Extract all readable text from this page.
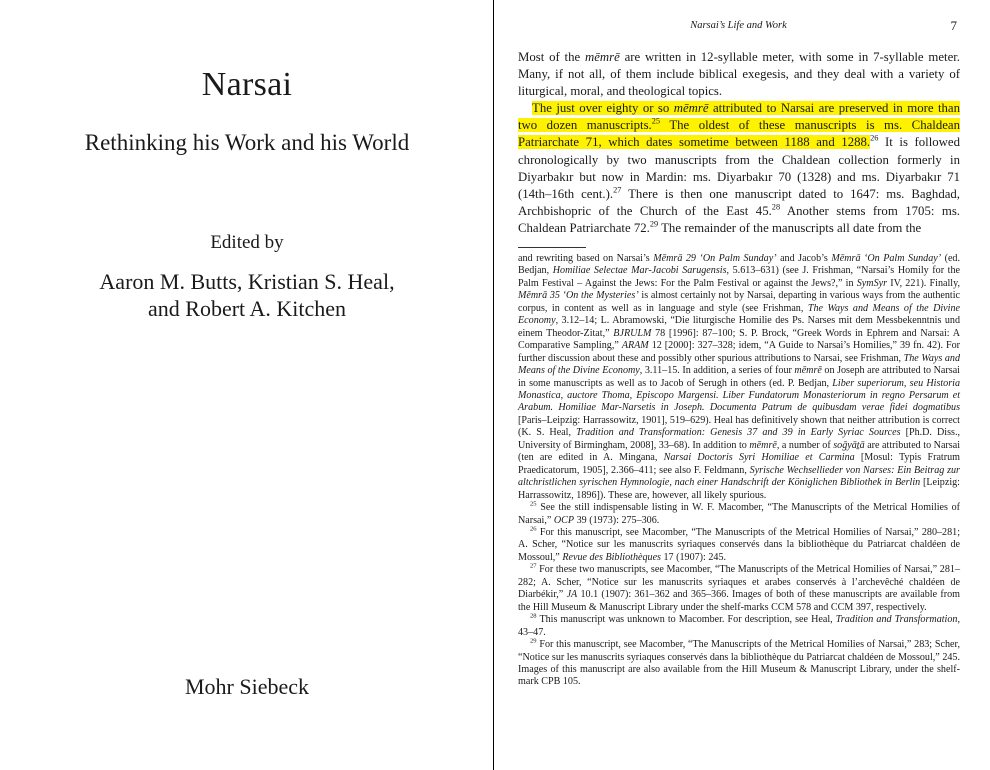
Narsai
Rethinking his Work and his World
Edited by
Aaron M. Butts, Kristian S. Heal,
and Robert A. Kitchen
Mohr Siebeck
Narsai’s Life and Work	7

Most of the mēmrē are written in 12-syllable meter, with some in 7-syllable meter. Many, if not all, of them include biblical exegesis, and they deal with a variety of liturgical, moral, and theological topics.

The just over eighty or so mēmrē attributed to Narsai are preserved in more than two dozen manuscripts.$^{25}$ The oldest of these manuscripts is ms. Chaldean Patriarchate 71, which dates sometime between 1188 and 1288.26 It is followed chronologically by two manuscripts from the Chaldean collection formerly in Diyarbakır but now in Mardin: ms. Diyarbakır 70 (1328) and ms. Diyarbakır 71 (14th–16th cent.).$^{27}$ There is then one manuscript dated to 1647: ms. Baghdad, Archbishopric of the Church of the East 45.28 Another stems from 1705: ms. Chaldean Patriarchate 72.29 The remainder of the manuscripts all date from the

and rewriting based on Narsai’s Mēmrā 29 ‘On Palm Sunday’ and Jacob’s Mēmrā ‘On Palm Sunday’ (ed. Bedjan, Homiliae Selectae Mar-Jacobi Sarugensis, 5.613–631) (see J. Frishman, “Narsai’s Homily for the Palm Festival – Against the Jews: For the Palm Festival or against the Jews?,” in SymSyr IV, 221). Finally, Mēmrā 35 ‘On the Mysteries’ is almost certainly not by Narsai, departing in various ways from the authentic corpus, in content as well as in language and style (see Frishman, The Ways and Means of the Divine Economy, 3.12–14; L. Abramowski, “Die liturgische Homilie des Ps. Narses mit dem Messbekenntnis und einem Theodor-Zitat,” BJRULM 78 [1996]: 87–100; S. P. Brock, “Greek Words in Ephrem and Narsai: A Comparative Sampling,” ARAM 12 [2000]: 327–328; idem, “A Guide to Narsai’s Homilies,” 39 fn. 42). For further discussion about these and possibly other spurious attributions to Narsai, see Frishman, The Ways and Means of the Divine Economy, 3.11–15. In addition, a series of four mēmrē on Joseph are attributed to Narsai in some manuscripts as well as to Jacob of Serugh in others (ed. P. Bedjan, Liber superiorum, seu Historia Monastica, auctore Thoma, Episcopo Margensi. Liber Fundatorum Monasteriorum in regno Persarum et Arabum. Homiliae Mar-Narsetis in Joseph. Documenta Patrum de quibusdam verae fidei dogmatibus [Paris–Leipzig: Harrassowitz, 1901], 519–629). Heal has definitively shown that neither attribution is correct (K. S. Heal, Tradition and Transformation: Genesis 37 and 39 in Early Syriac Sources [Ph.D. Diss., University of Birmingham, 2008], 33–68). In addition to mēmrē, a number of soḡyāṯā are attributed to Narsai (ten are edited in A. Mingana, Narsai Doctoris Syri Homiliae et Carmina [Mosul: Typis Fratrum Praedicatorum, 1905], 2.366–411; see also F. Feldmann, Syrische Wechsellieder von Narses: Ein Beitrag zur altchristlichen syrischen Hymnologie, nach einer Handschrift der Königlichen Bibliothek in Berlin [Leipzig: Harrassowitz, 1896]). These are, however, all likely spurious.

$^{25}$ See the still indispensable listing in W. F. Macomber, “The Manuscripts of the Metrical Homilies of Narsai,” OCP 39 (1973): 275–306.

$^{26}$ For this manuscript, see Macomber, “The Manuscripts of the Metrical Homilies of Narsai,” 280–281; A. Scher, “Notice sur les manuscrits syriaques conservés dans la bibliothèque du Patriarcat chaldéen de Mossoul,” Revue des Bibliothèques 17 (1907): 245.

$^{27}$ For these two manuscripts, see Macomber, “The Manuscripts of the Metrical Homilies of Narsai,” 281–282; A. Scher, “Notice sur les manuscrits syriaques et arabes conservés à l’archevêché chaldéen de Diarbékir,” JA 10.1 (1907): 361–362 and 365–366. Images of both of these manuscripts are available from the Hill Museum & Manuscript Library under the shelf-marks CCM 578 and CCM 397, respectively.

$^{28}$ This manuscript was unknown to Macomber. For description, see Heal, Tradition and Transformation, 43–47.

$^{29}$ For this manuscript, see Macomber, “The Manuscripts of the Metrical Homilies of Narsai,” 283; Scher, “Notice sur les manuscrits syriaques conservés dans la bibliothèque du Patriarcat chaldéen de Mossoul,” 245. Images of this manuscript are also available from the Hill Museum & Manuscript Library, under the shelf-mark CPB 105.
